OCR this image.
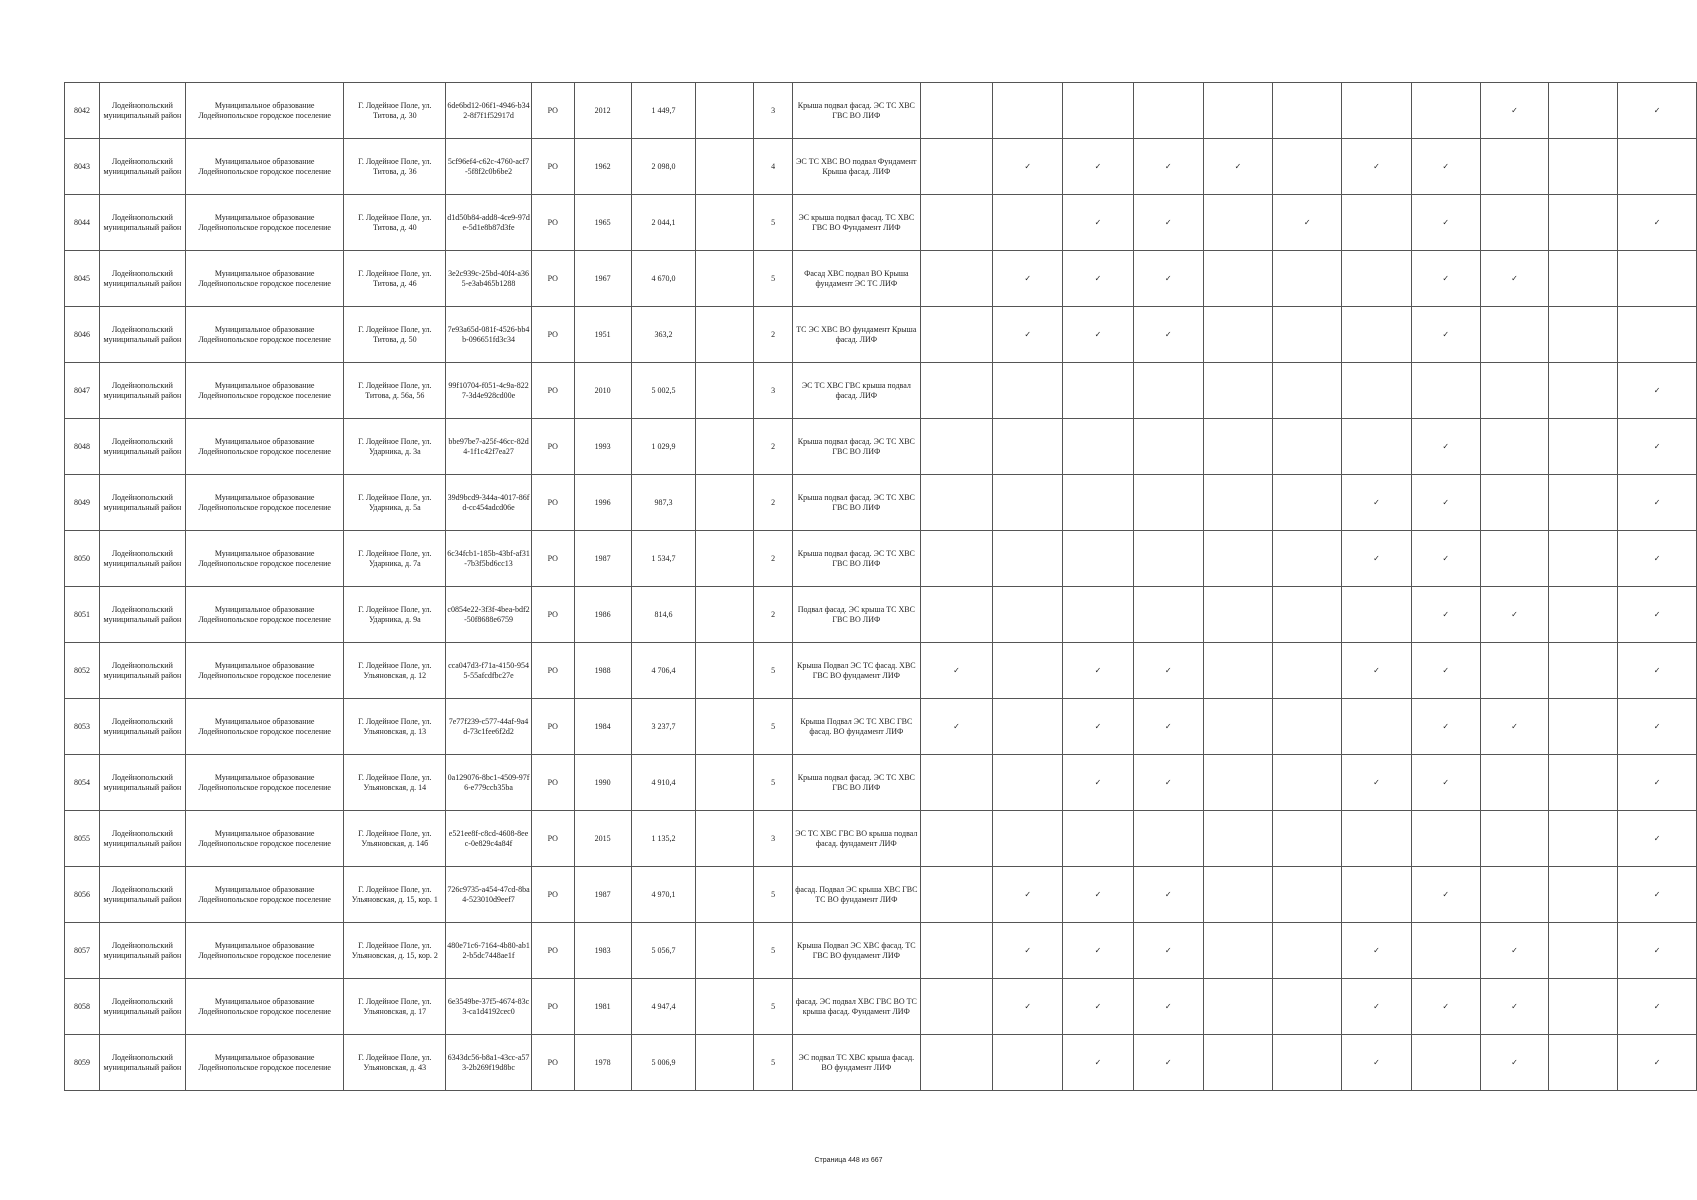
8042	Лодейнопольский муниципальный район	Муниципальное образование Лодейнопольское городское поселение	Г. Лодейное Поле, ул. Титова, д. 30	6de6bd12-06f1-4946-b342-8f7f1f52917d	РО	2012	1 449,7		3	Крыша подвал фасад. ЭС ТС ХВС ГВС ВО ЛИФ									✓		✓
8043	Лодейнопольский муниципальный район	Муниципальное образование Лодейнопольское городское поселение	Г. Лодейное Поле, ул. Титова, д. 36	5cf96ef4-c62c-4760-acf7-5f8f2c0b6be2	РО	1962	2 098,0		4	ЭС ТС ХВС ВО подвал Фундамент Крыша фасад. ЛИФ		✓	✓	✓	✓		✓	✓			
8044	Лодейнопольский муниципальный район	Муниципальное образование Лодейнопольское городское поселение	Г. Лодейное Поле, ул. Титова, д. 40	d1d50b84-add8-4ce9-97de-5d1e8b87d3fe	РО	1965	2 044,1		5	ЭС крыша подвал фасад. ТС ХВС ГВС ВО Фундамент ЛИФ			✓	✓		✓		✓			✓
8045	Лодейнопольский муниципальный район	Муниципальное образование Лодейнопольское городское поселение	Г. Лодейное Поле, ул. Титова, д. 46	3e2c939c-25bd-40f4-a365-e3ab465b1288	РО	1967	4 670,0		5	Фасад ХВС подвал ВО Крыша фундамент ЭС ТС ЛИФ		✓	✓	✓				✓	✓		
8046	Лодейнопольский муниципальный район	Муниципальное образование Лодейнопольское городское поселение	Г. Лодейное Поле, ул. Титова, д. 50	7e93a65d-081f-4526-bb4b-096651fd3c34	РО	1951	363,2		2	ТС ЭС ХВС ВО фундамент Крыша фасад. ЛИФ		✓	✓	✓				✓			
8047	Лодейнопольский муниципальный район	Муниципальное образование Лодейнопольское городское поселение	Г. Лодейное Поле, ул. Титова, д. 56а, 56	99f10704-f051-4c9a-8227-3d4e928cd00e	РО	2010	5 002,5		3	ЭС ТС ХВС ГВС крыша подвал фасад. ЛИФ											✓
8048	Лодейнопольский муниципальный район	Муниципальное образование Лодейнопольское городское поселение	Г. Лодейное Поле, ул. Ударника, д. 3а	bbe97be7-a25f-46cc-82d4-1f1c42f7ea27	РО	1993	1 029,9		2	Крыша подвал фасад. ЭС ТС ХВС ГВС ВО ЛИФ								✓			✓
8049	Лодейнопольский муниципальный район	Муниципальное образование Лодейнопольское городское поселение	Г. Лодейное Поле, ул. Ударника, д. 5а	39d9bcd9-344a-4017-86fd-cc454adcd06e	РО	1996	987,3		2	Крыша подвал фасад. ЭС ТС ХВС ГВС ВО ЛИФ							✓	✓			✓
8050	Лодейнопольский муниципальный район	Муниципальное образование Лодейнопольское городское поселение	Г. Лодейное Поле, ул. Ударника, д. 7а	6c34fcb1-185b-43bf-af31-7b3f5bd6cc13	РО	1987	1 534,7		2	Крыша подвал фасад. ЭС ТС ХВС ГВС ВО ЛИФ							✓	✓			✓
8051	Лодейнопольский муниципальный район	Муниципальное образование Лодейнопольское городское поселение	Г. Лодейное Поле, ул. Ударника, д. 9а	c0854e22-3f3f-4bea-bdf2-50f8688e6759	РО	1986	814,6		2	Подвал фасад. ЭС крыша ТС ХВС ГВС ВО ЛИФ								✓	✓		✓
8052	Лодейнопольский муниципальный район	Муниципальное образование Лодейнопольское городское поселение	Г. Лодейное Поле, ул. Ульяновская, д. 12	cca047d3-f71a-4150-9545-55afcdfbc27e	РО	1988	4 706,4		5	Крыша Подвал ЭС ТС фасад. ХВС ГВС ВО фундамент ЛИФ	✓		✓	✓			✓	✓			✓
8053	Лодейнопольский муниципальный район	Муниципальное образование Лодейнопольское городское поселение	Г. Лодейное Поле, ул. Ульяновская, д. 13	7e77f239-c577-44af-9a4d-73c1fee6f2d2	РО	1984	3 237,7		5	Крыша Подвал ЭС ТС ХВС ГВС фасад. ВО фундамент ЛИФ	✓		✓	✓				✓	✓		✓
8054	Лодейнопольский муниципальный район	Муниципальное образование Лодейнопольское городское поселение	Г. Лодейное Поле, ул. Ульяновская, д. 14	0a129076-8bc1-4509-97f6-e779ccb35ba	РО	1990	4 910,4		5	Крыша подвал фасад. ЭС ТС ХВС ГВС ВО ЛИФ			✓	✓			✓	✓			✓
8055	Лодейнопольский муниципальный район	Муниципальное образование Лодейнопольское городское поселение	Г. Лодейное Поле, ул. Ульяновская, д. 14б	e521ee8f-c8cd-4608-8eec-0e829c4a84f	РО	2015	1 135,2		3	ЭС ТС ХВС ГВС ВО крыша подвал фасад. фундамент ЛИФ											✓
8056	Лодейнопольский муниципальный район	Муниципальное образование Лодейнопольское городское поселение	Г. Лодейное Поле, ул. Ульяновская, д. 15, кор. 1	726c9735-a454-47cd-8ba4-523010d9eef7	РО	1987	4 970,1		5	фасад. Подвал ЭС крыша ХВС ГВС ТС ВО фундамент ЛИФ		✓	✓	✓				✓			✓
8057	Лодейнопольский муниципальный район	Муниципальное образование Лодейнопольское городское поселение	Г. Лодейное Поле, ул. Ульяновская, д. 15, кор. 2	480e71c6-7164-4b80-ab12-b5dc7448ae1f	РО	1983	5 056,7		5	Крыша Подвал ЭС ХВС фасад. ТС ГВС ВО фундамент ЛИФ		✓	✓	✓			✓		✓		✓
8058	Лодейнопольский муниципальный район	Муниципальное образование Лодейнопольское городское поселение	Г. Лодейное Поле, ул. Ульяновская, д. 17	6e3549be-37f5-4674-83c3-ca1d4192cec0	РО	1981	4 947,4		5	фасад. ЭС подвал ХВС ГВС ВО ТС крыша фасад. Фундамент ЛИФ		✓	✓	✓			✓	✓	✓		✓
8059	Лодейнопольский муниципальный район	Муниципальное образование Лодейнопольское городское поселение	Г. Лодейное Поле, ул. Ульяновская, д. 43	6343dc56-b8a1-43cc-a573-2b269f19d8bc	РО	1978	5 006,9		5	ЭС подвал ТС ХВС крыша фасад. ВО фундамент ЛИФ			✓	✓			✓		✓		✓
Страница 448 из 667
